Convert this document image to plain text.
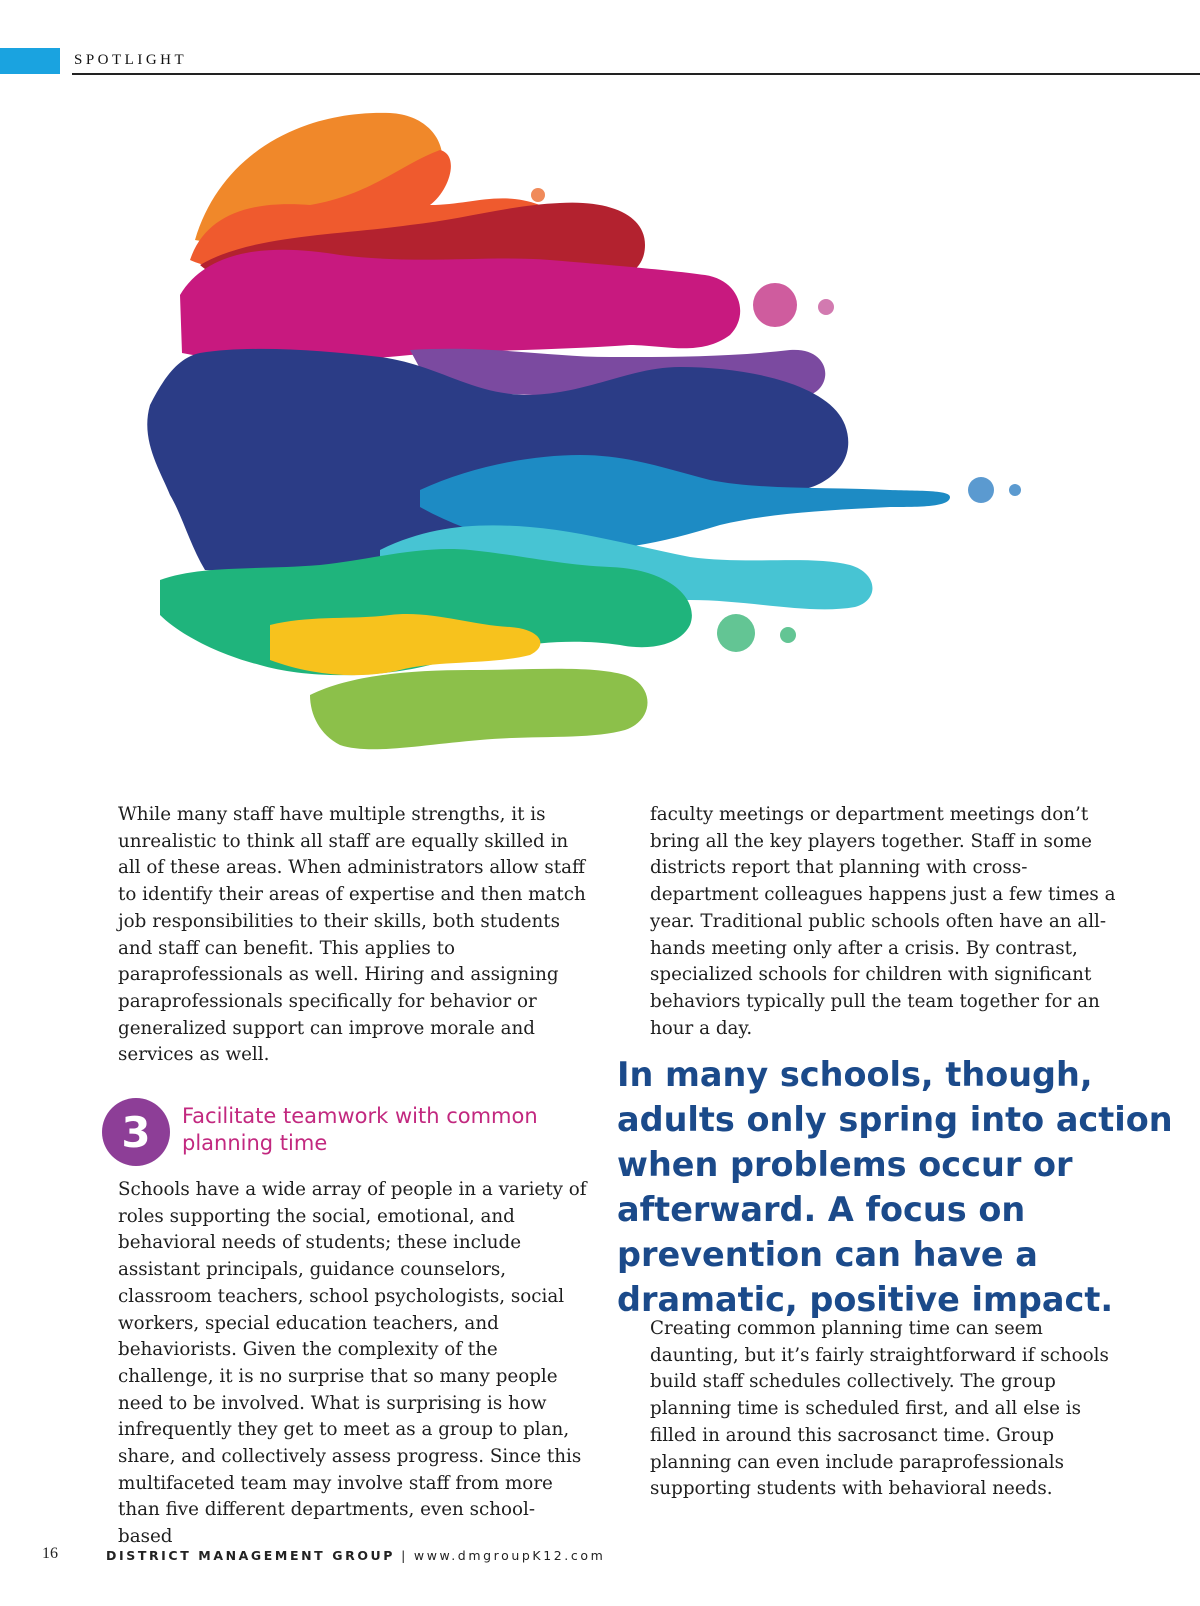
SPOTLIGHT

While many staff have multiple strengths, it is unrealistic to think all staff are equally skilled in all of these areas. When administrators allow staff to identify their areas of expertise and then match job responsibilities to their skills, both students and staff can benefit. This applies to paraprofessionals as well. Hiring and assigning paraprofessionals specifically for behavior or generalized support can improve morale and services as well.

3	Facilitate teamwork with common planning time

Schools have a wide array of people in a variety of roles supporting the social, emotional, and behavioral needs of students; these include assistant principals, guidance counselors, classroom teachers, school psychologists, social workers, special education teachers, and behaviorists. Given the complexity of the challenge, it is no surprise that so many people need to be involved. What is surprising is how infrequently they get to meet as a group to plan, share, and collectively assess progress. Since this multifaceted team may involve staff from more than five different departments, even school-based

faculty meetings or department meetings don’t bring all the key players together. Staff in some districts report that planning with cross-department colleagues happens just a few times a year. Traditional public schools often have an all-hands meeting only after a crisis. By contrast, specialized schools for children with significant behaviors typically pull the team together for an hour a day.

In many schools, though, adults only spring into action when problems occur or afterward. A focus on prevention can have a dramatic, positive impact.

Creating common planning time can seem daunting, but it’s fairly straightforward if schools build staff schedules collectively. The group planning time is scheduled first, and all else is filled in around this sacrosanct time. Group planning can even include paraprofessionals supporting students with behavioral needs.

16	DISTRICT MANAGEMENT GROUP | www.dmgroupK12.com
